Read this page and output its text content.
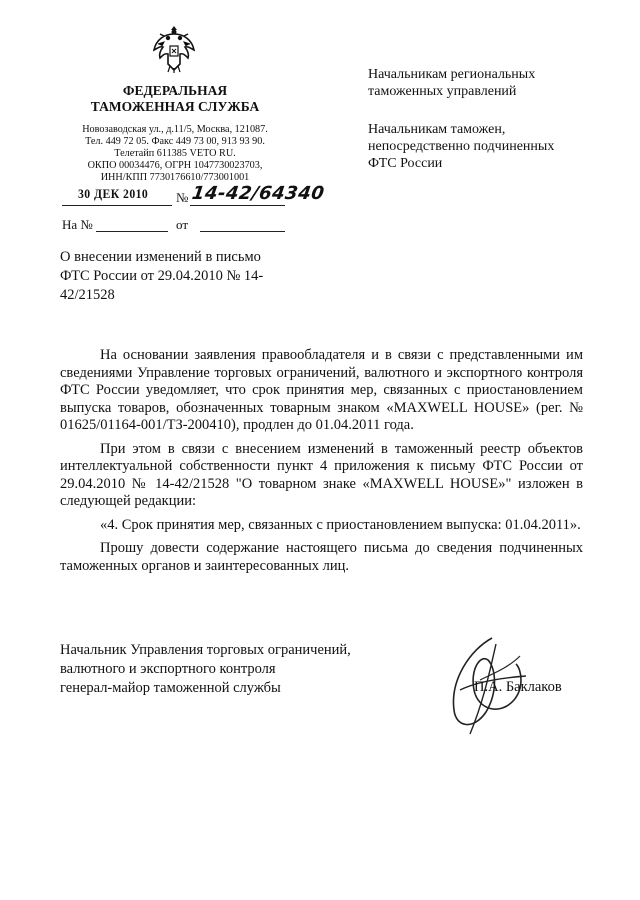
ФЕДЕРАЛЬНАЯ
ТАМОЖЕННАЯ СЛУЖБА
Новозаводская ул., д.11/5, Москва, 121087.
Тел. 449 72 05. Факс 449 73 00, 913 93 90.
Телетайп 611385 VETO RU.
ОКПО 00034476, ОГРН 1047730023703,
ИНН/КПП 7730176610/773001001
30 ДЕК 2010 № 14-42/64340
На №	от
Начальникам региональных
таможенных управлений
Начальникам таможен,
непосредственно подчиненных
ФТС России
О внесении изменений в письмо
ФТС России от 29.04.2010 № 14-
42/21528

На основании заявления правообладателя и в связи с представленными им сведениями Управление торговых ограничений, валютного и экспортного контроля ФТС России уведомляет, что срок принятия мер, связанных с приостановлением выпуска товаров, обозначенных товарным знаком «MAXWELL HOUSE» (рег. № 01625/01164-001/ТЗ-200410), продлен до 01.04.2011 года.

При этом в связи с внесением изменений в таможенный реестр объектов интеллектуальной собственности пункт 4 приложения к письму ФТС России от 29.04.2010 № 14-42/21528 "О товарном знаке «MAXWELL HOUSE»" изложен в следующей редакции:

«4. Срок принятия мер, связанных с приостановлением выпуска: 01.04.2011».

Прошу довести содержание настоящего письма до сведения подчиненных таможенных органов и заинтересованных лиц.

Начальник Управления торговых ограничений,
валютного и экспортного контроля
генерал-майор таможенной службы	П.А. Баклаков
